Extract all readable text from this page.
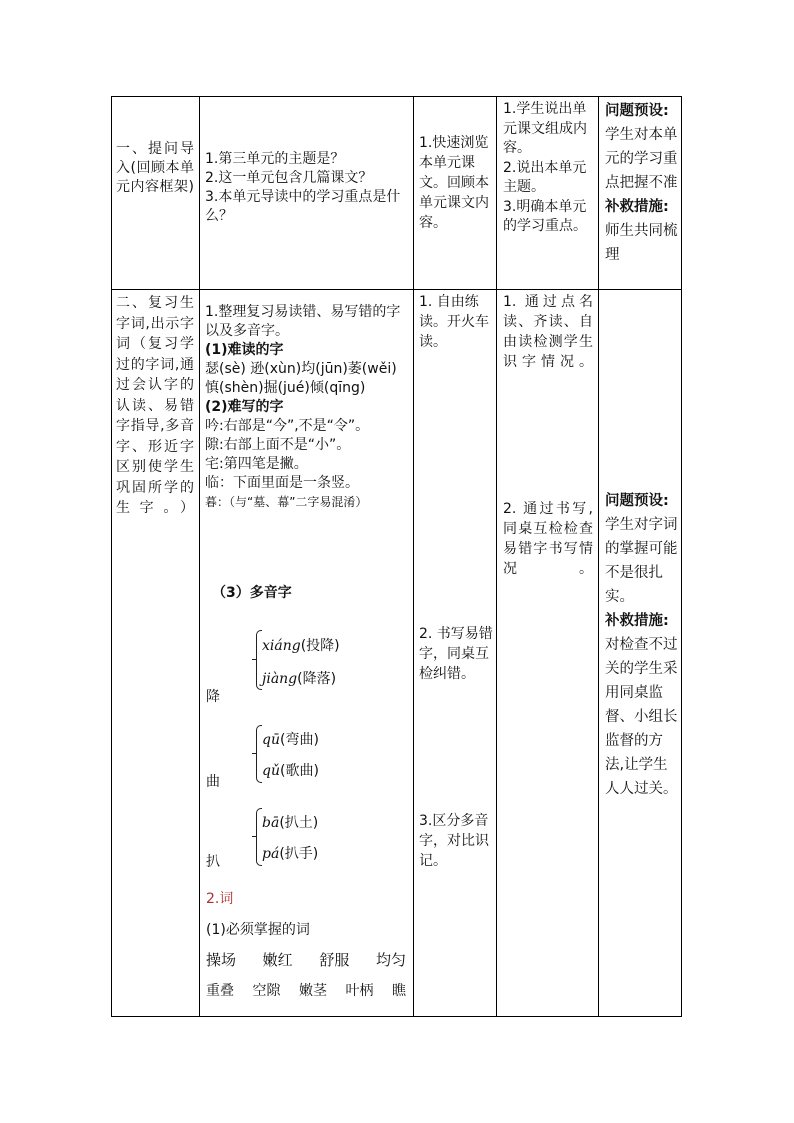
一、提问导入(回顾本单元内容框架)
1.第三单元的主题是？
2.这一单元包含几篇课文？
3.本单元导读中的学习重点是什么？
1.快速浏览本单元课文。回顾本单元课文内容。
1.学生说出单元课文组成内容。
2.说出本单元主题。
3.明确本单元的学习重点。
问题预设:
学生对本单元的学习重点把握不准
补救措施:
师生共同梳理
二、复习生字词,出示字词（复习学过的字词,通过会认字的认读、易错字指导,多音字、形近字区别使学生巩固所学的生字。）
1.整理复习易读错、易写错的字以及多音字。
(1)难读的字
瑟(sè) 逊(xùn)均(jūn)萎(wěi) 慎(shèn)掘(jué)倾(qīng)
(2)难写的字
吟:右部是“今”,不是“令”。
隙:右部上面不是“小”。
宅:第四笔是撇。
临：下面里面是一条竖。
暮：（与“墓、幕”二字易混淆）
（3）多音字
xiáng(投降)
jiàng(降落)
降
qū(弯曲)
qǔ(歌曲)
曲
bā(扒土)
pá(扒手)
扒
2.词
(1)必须掌握的词
操场 嫩红 舒服 均匀
重叠 空隙 嫩茎 叶柄 瞧
1. 自由练读。开火车读。
2. 书写易错字，同桌互检纠错。
3.区分多音字，对比识记。
1. 通过点名读、齐读、自由读检测学生识字情况。
2. 通过书写,同桌互检检查易错字书写情况。
问题预设:
学生对字词的掌握可能不是很扎实。
补救措施:
对检查不过关的学生采用同桌监督、小组长监督的方法,让学生人人过关。
